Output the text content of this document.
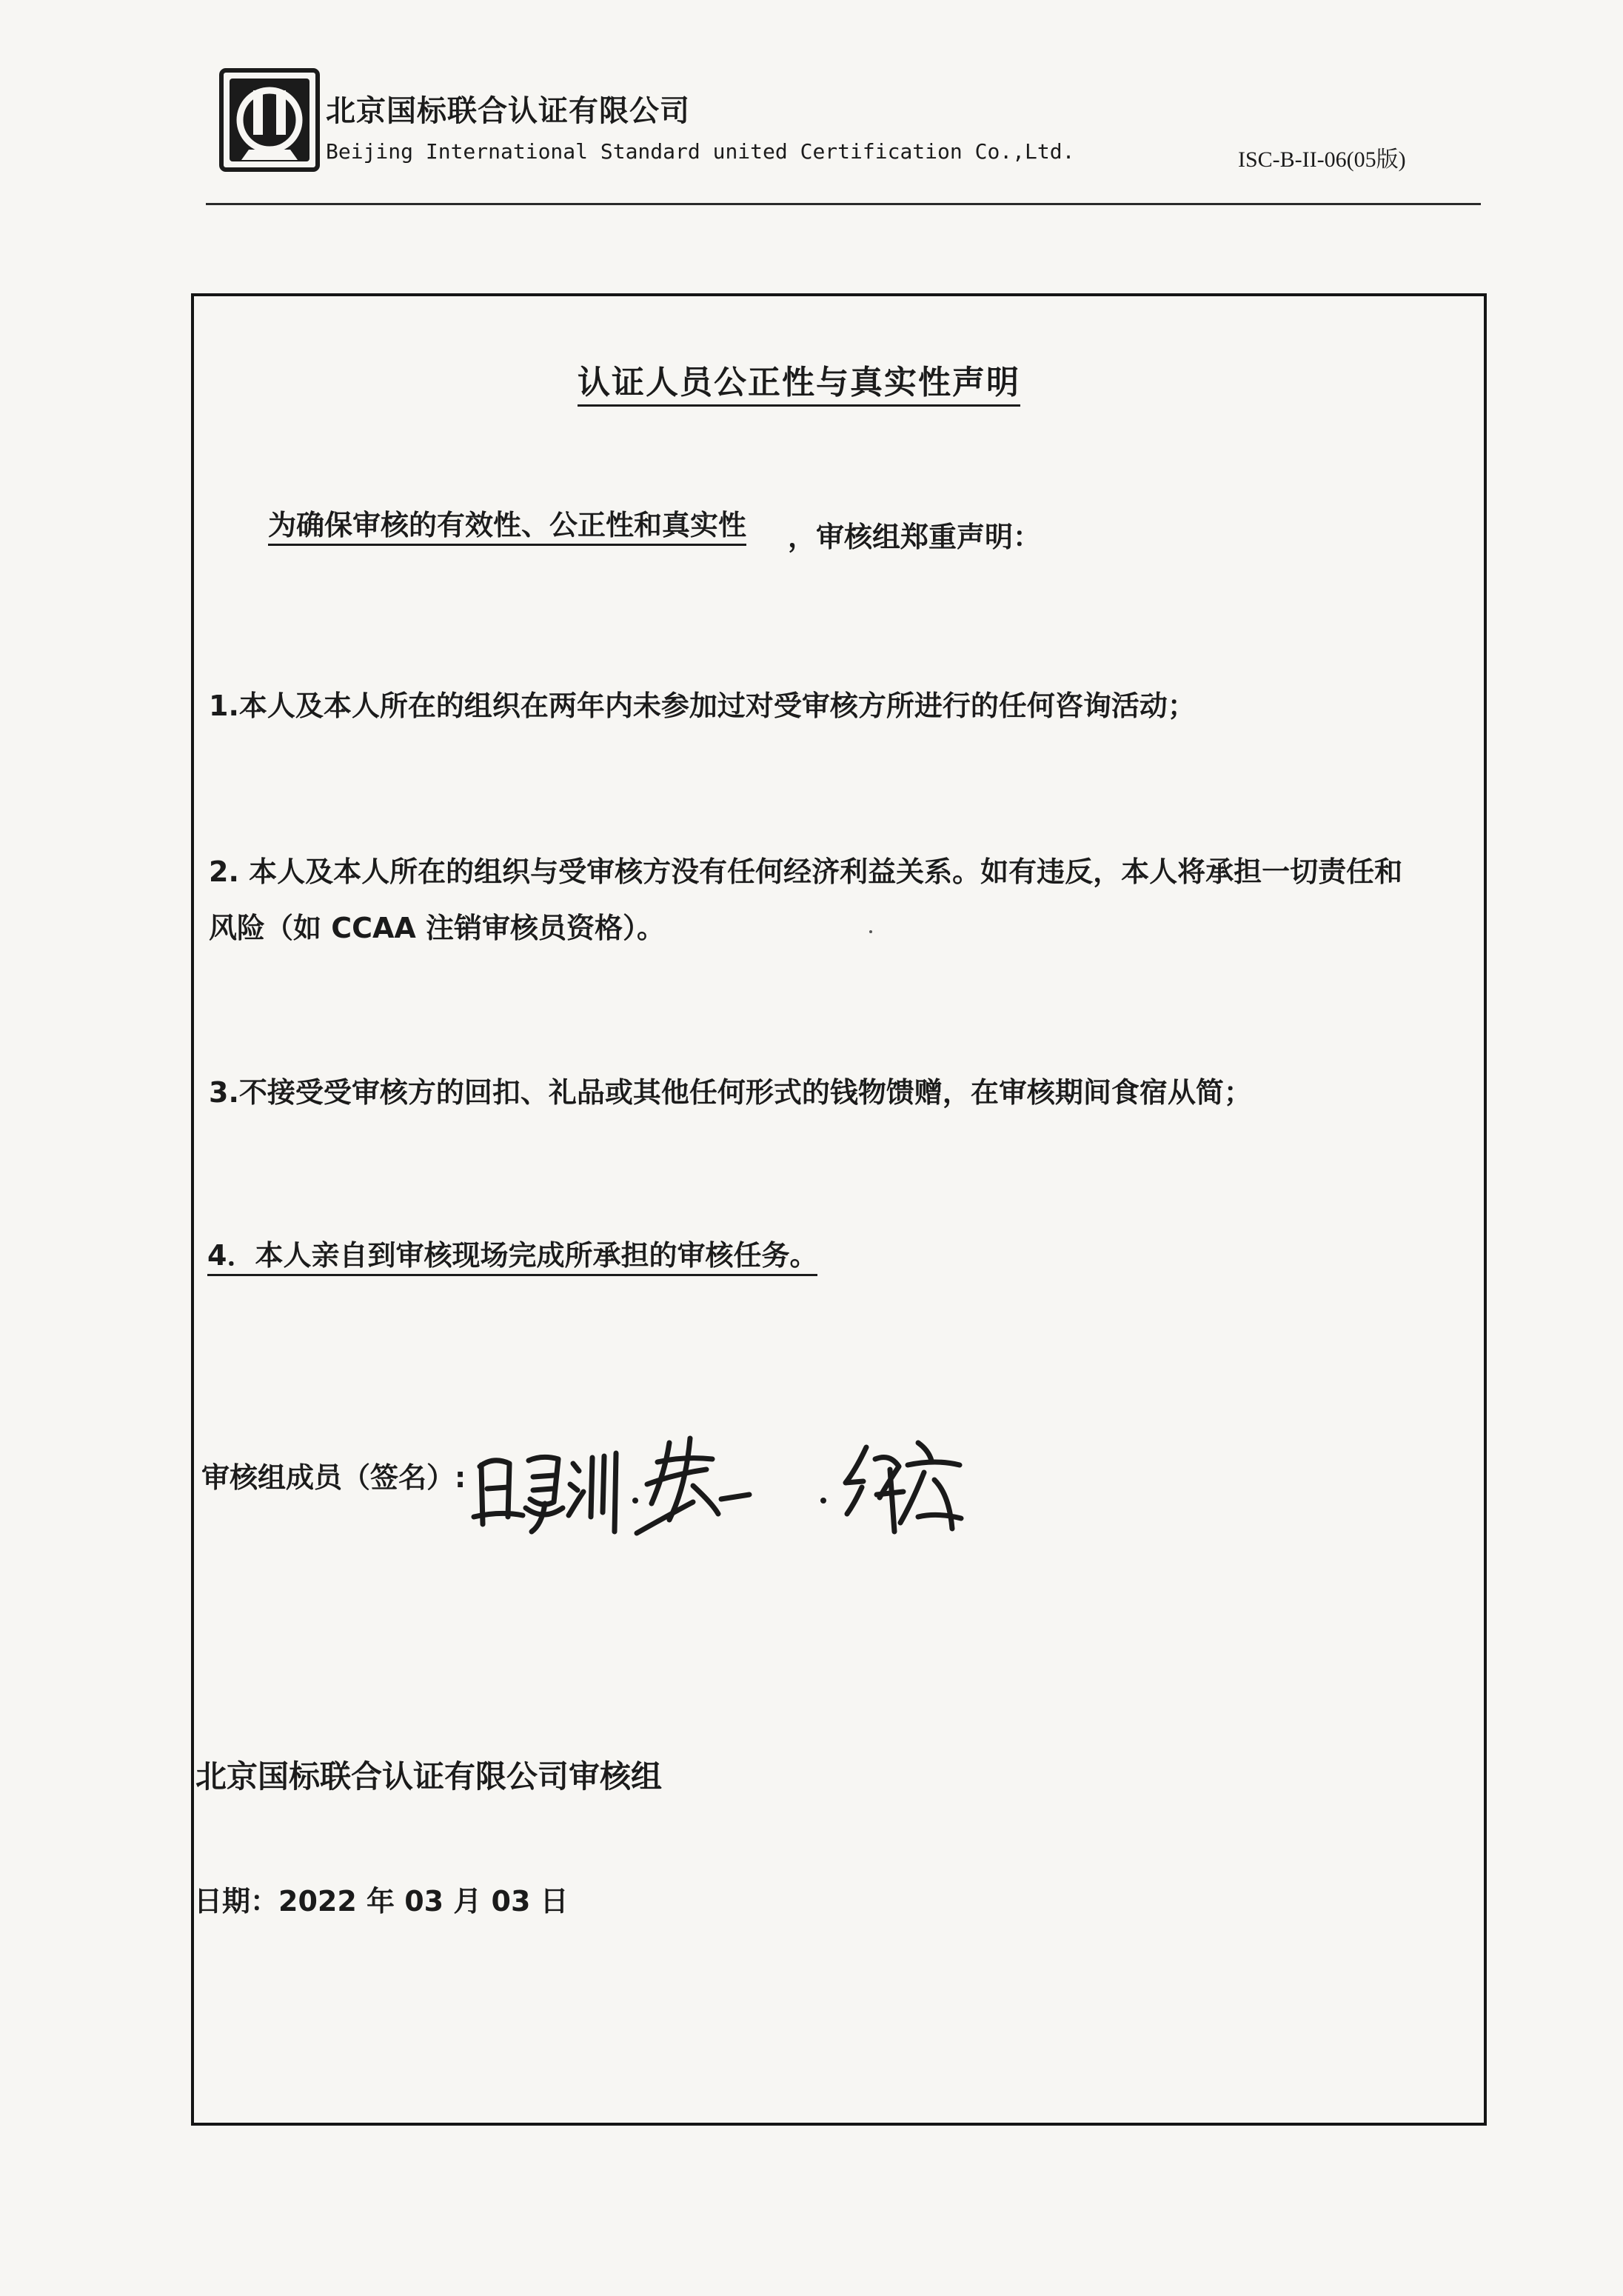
北京国标联合认证有限公司
Beijing International Standard united Certification Co.,Ltd.	ISC-B-II-06(05版)
认证人员公正性与真实性声明
为确保审核的有效性、公正性和真实性 ，审核组郑重声明：
1.本人及本人所在的组织在两年内未参加过对受审核方所进行的任何咨询活动；
2. 本人及本人所在的组织与受审核方没有任何经济利益关系。如有违反，本人将承担一切责任和
风险（如 CCAA 注销审核员资格）。
3.不接受受审核方的回扣、礼品或其他任何形式的钱物馈赠，在审核期间食宿从简；
4．本人亲自到审核现场完成所承担的审核任务。
审核组成员（签名）:
北京国标联合认证有限公司审核组
日期： 2022 年 03 月 03 日
